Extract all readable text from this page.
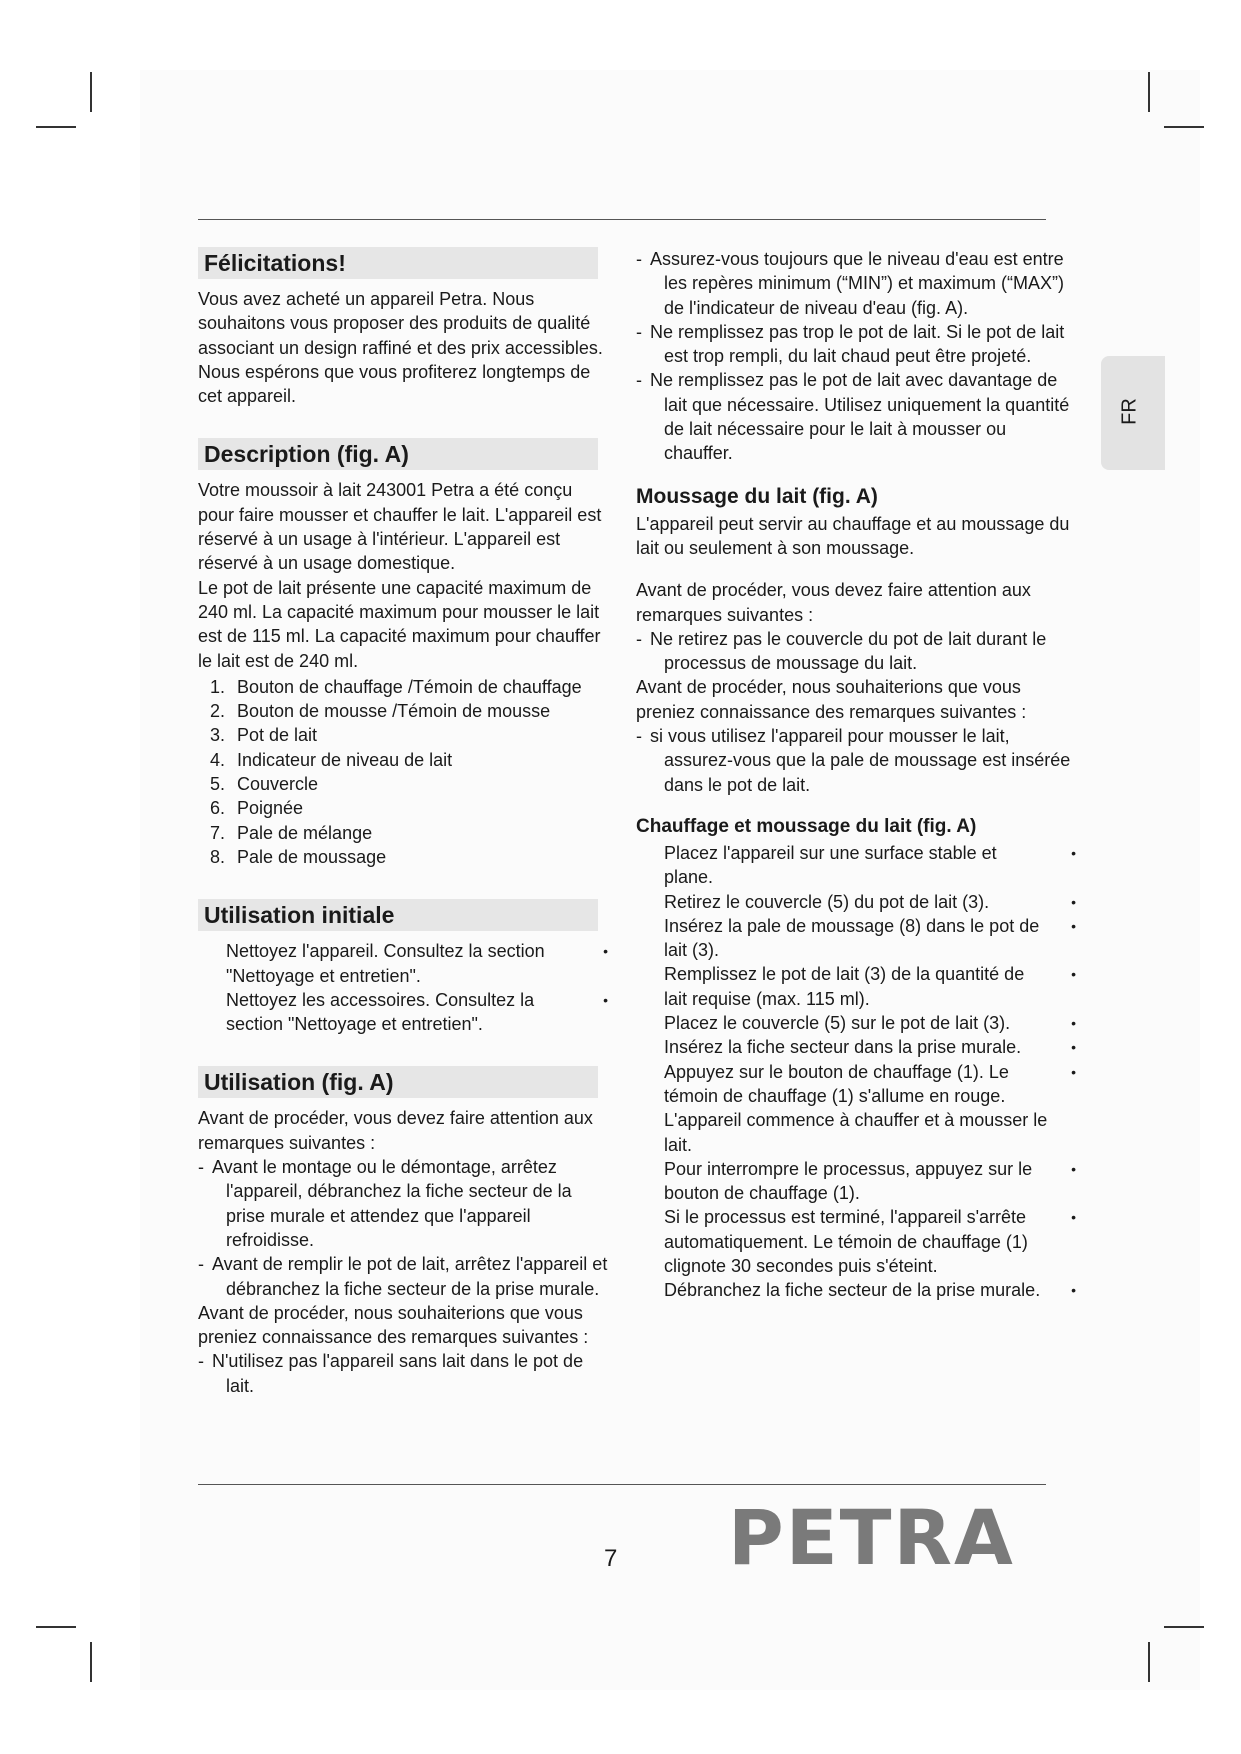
FR
Félicitations!

Vous avez acheté un appareil Petra. Nous souhaitons vous proposer des produits de qualité associant un design raffiné et des prix accessibles. Nous espérons que vous profiterez longtemps de cet appareil.

Description (fig. A)

Votre moussoir à lait 243001 Petra a été conçu pour faire mousser et chauffer le lait. L'appareil est réservé à un usage à l'intérieur. L'appareil est réservé à un usage domestique.

Le pot de lait présente une capacité maximum de 240 ml. La capacité maximum pour mousser le lait est de 115 ml. La capacité maximum pour chauffer le lait est de 240 ml.

1. Bouton de chauffage /Témoin de chauffage
2. Bouton de mousse /Témoin de mousse
3. Pot de lait
4. Indicateur de niveau de lait
5. Couvercle
6. Poignée
7. Pale de mélange
8. Pale de moussage
Utilisation initiale
Nettoyez l'appareil. Consultez la section "Nettoyage et entretien". •
Nettoyez les accessoires. Consultez la section "Nettoyage et entretien". •
Utilisation (fig. A)

Avant de procéder, vous devez faire attention aux remarques suivantes :

- Avant le montage ou le démontage, arrêtez l'appareil, débranchez la fiche secteur de la prise murale et attendez que l'appareil refroidisse.
- Avant de remplir le pot de lait, arrêtez l'appareil et débranchez la fiche secteur de la prise murale.

Avant de procéder, nous souhaiterions que vous preniez connaissance des remarques suivantes :

- N'utilisez pas l'appareil sans lait dans le pot de lait.
- Assurez-vous toujours que le niveau d'eau est entre les repères minimum (“MIN”) et maximum (“MAX”) de l'indicateur de niveau d'eau (fig. A).
- Ne remplissez pas trop le pot de lait. Si le pot de lait est trop rempli, du lait chaud peut être projeté.
- Ne remplissez pas le pot de lait avec davantage de lait que nécessaire. Utilisez uniquement la quantité de lait nécessaire pour le lait à mousser ou chauffer.
Moussage du lait (fig. A)

L'appareil peut servir au chauffage et au moussage du lait ou seulement à son moussage.

Avant de procéder, vous devez faire attention aux remarques suivantes :

- Ne retirez pas le couvercle du pot de lait durant le processus de moussage du lait.

Avant de procéder, nous souhaiterions que vous preniez connaissance des remarques suivantes :

- si vous utilisez l'appareil pour mousser le lait, assurez-vous que la pale de moussage est insérée dans le pot de lait.
Chauffage et moussage du lait (fig. A)
Placez l'appareil sur une surface stable et plane. •
Retirez le couvercle (5) du pot de lait (3). •
Insérez la pale de moussage (8) dans le pot de lait (3). •
Remplissez le pot de lait (3) de la quantité de lait requise (max. 115 ml). •
Placez le couvercle (5) sur le pot de lait (3). •
Insérez la fiche secteur dans la prise murale. •
Appuyez sur le bouton de chauffage (1). Le témoin de chauffage (1) s'allume en rouge. L'appareil commence à chauffer et à mousser le lait. •
Pour interrompre le processus, appuyez sur le bouton de chauffage (1). •
Si le processus est terminé, l'appareil s'arrête automatiquement. Le témoin de chauffage (1) clignote 30 secondes puis s'éteint. •
Débranchez la fiche secteur de la prise murale. •
7 PETRA
